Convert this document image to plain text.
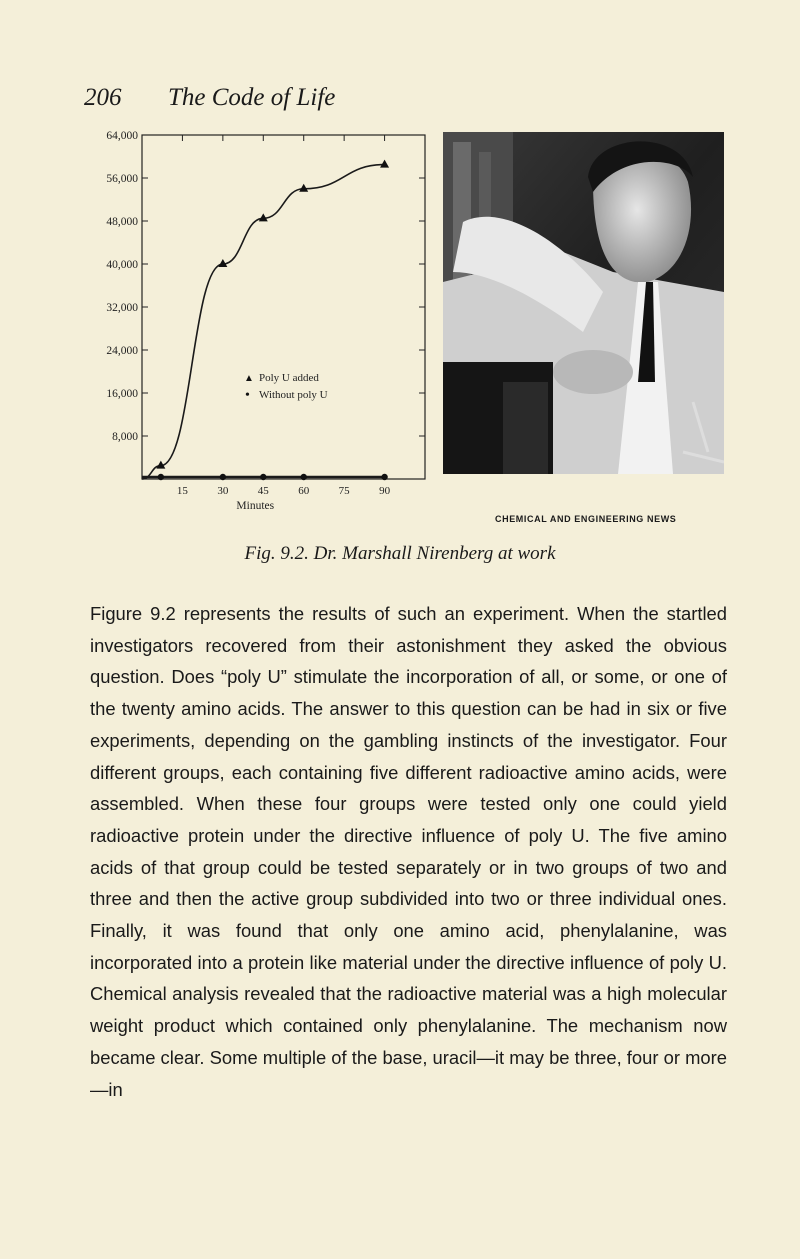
206 The Code of Life
8,000
16,000
24,000
32,000
40,000
48,000
56,000
64,000
15	30	45	60	75	90
Minutes
▲ Poly U added
• Without poly U
CHEMICAL AND ENGINEERING NEWS
Fig. 9.2. Dr. Marshall Nirenberg at work

Figure 9.2 represents the results of such an experiment. When the startled investigators recovered from their astonishment they asked the obvious question. Does “poly U” stimulate the incorporation of all, or some, or one of the twenty amino acids. The answer to this question can be had in six or five experiments, depending on the gambling instincts of the investigator. Four different groups, each containing five different radioactive amino acids, were assembled. When these four groups were tested only one could yield radioactive protein under the directive influence of poly U. The five amino acids of that group could be tested separately or in two groups of two and three and then the active group subdivided into two or three individual ones. Finally, it was found that only one amino acid, phenylalanine, was incorporated into a protein like material under the directive influence of poly U. Chemical analysis revealed that the radioactive material was a high molecular weight product which contained only phenylalanine. The mechanism now became clear. Some multiple of the base, uracil—it may be three, four or more—in
